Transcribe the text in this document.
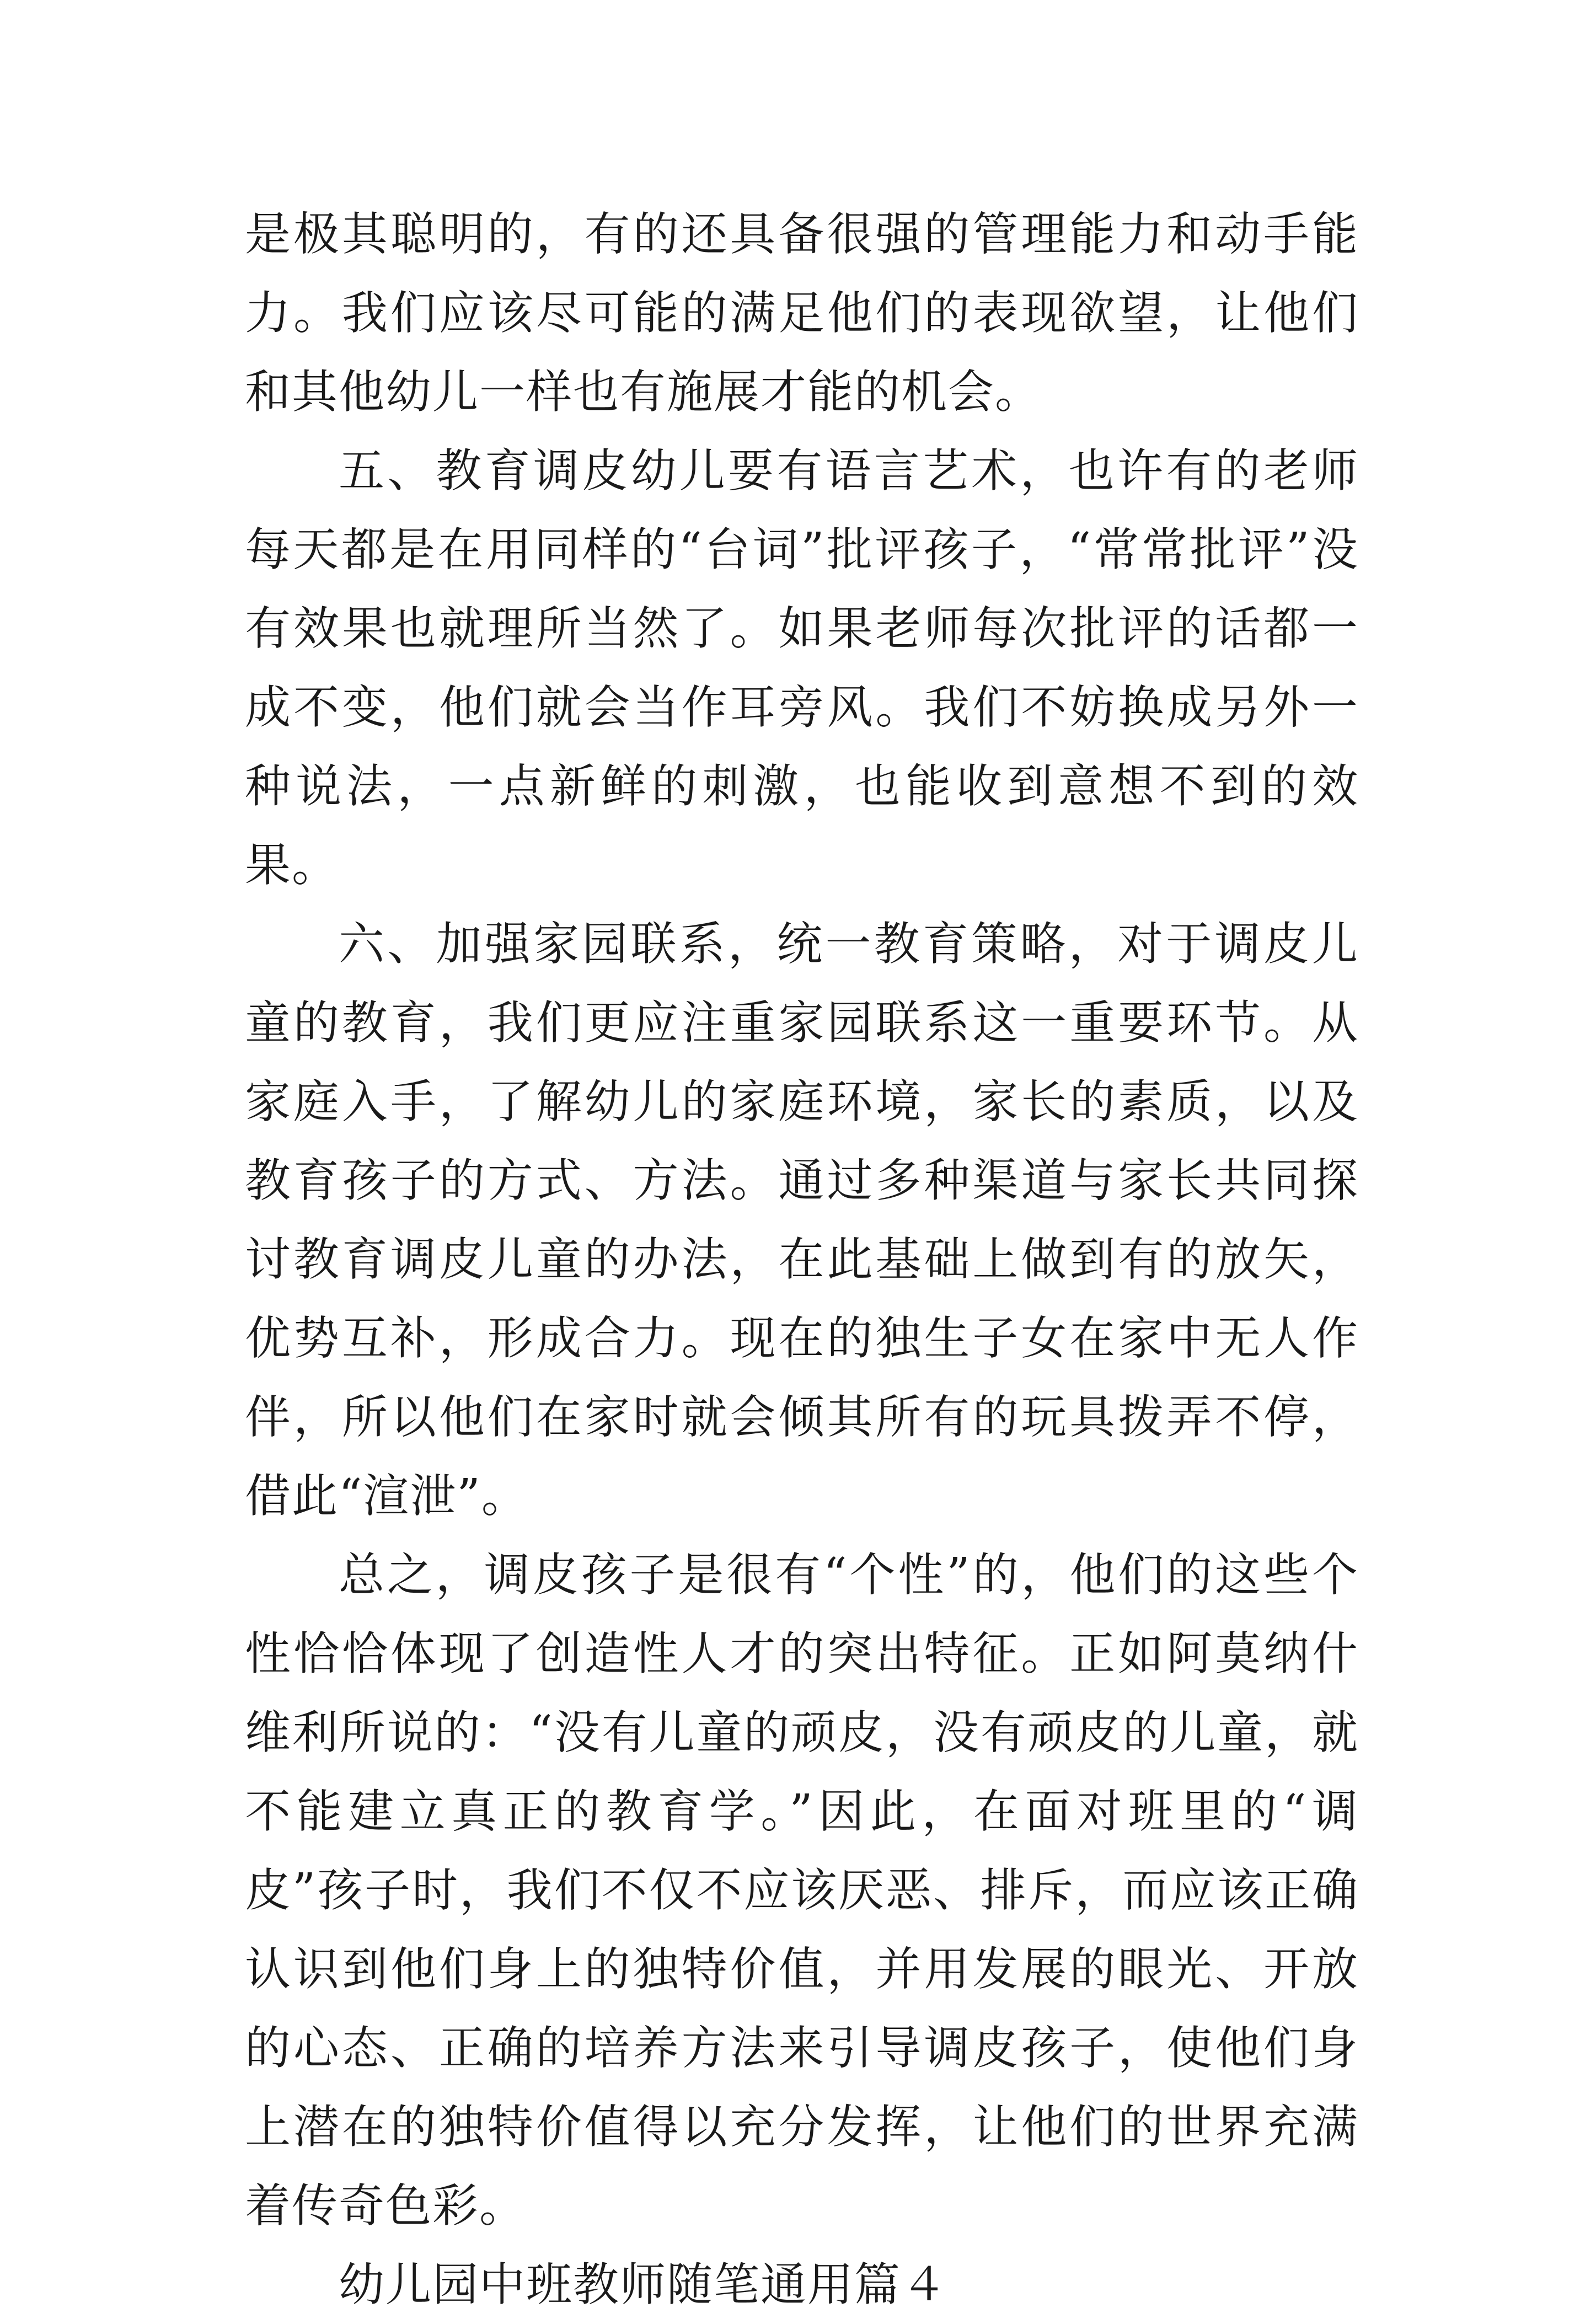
是极其聪明的，有的还具备很强的管理能力和动手能力。我们应该尽可能的满足他们的表现欲望，让他们和其他幼儿一样也有施展才能的机会。

五、教育调皮幼儿要有语言艺术，也许有的老师每天都是在用同样的“台词”批评孩子，“常常批评”没有效果也就理所当然了。如果老师每次批评的话都一成不变，他们就会当作耳旁风。我们不妨换成另外一种说法，一点新鲜的刺激，也能收到意想不到的效果。

六、加强家园联系，统一教育策略，对于调皮儿童的教育，我们更应注重家园联系这一重要环节。从家庭入手，了解幼儿的家庭环境，家长的素质，以及教育孩子的方式、方法。通过多种渠道与家长共同探讨教育调皮儿童的办法，在此基础上做到有的放矢，优势互补，形成合力。现在的独生子女在家中无人作伴，所以他们在家时就会倾其所有的玩具拨弄不停，借此“渲泄”。

总之，调皮孩子是很有“个性”的，他们的这些个性恰恰体现了创造性人才的突出特征。正如阿莫纳什维利所说的：“没有儿童的顽皮，没有顽皮的儿童，就不能建立真正的教育学。”因此，在面对班里的“调皮”孩子时，我们不仅不应该厌恶、排斥，而应该正确认识到他们身上的独特价值，并用发展的眼光、开放的心态、正确的培养方法来引导调皮孩子，使他们身上潜在的独特价值得以充分发挥，让他们的世界充满着传奇色彩。

幼儿园中班教师随笔通用篇４
